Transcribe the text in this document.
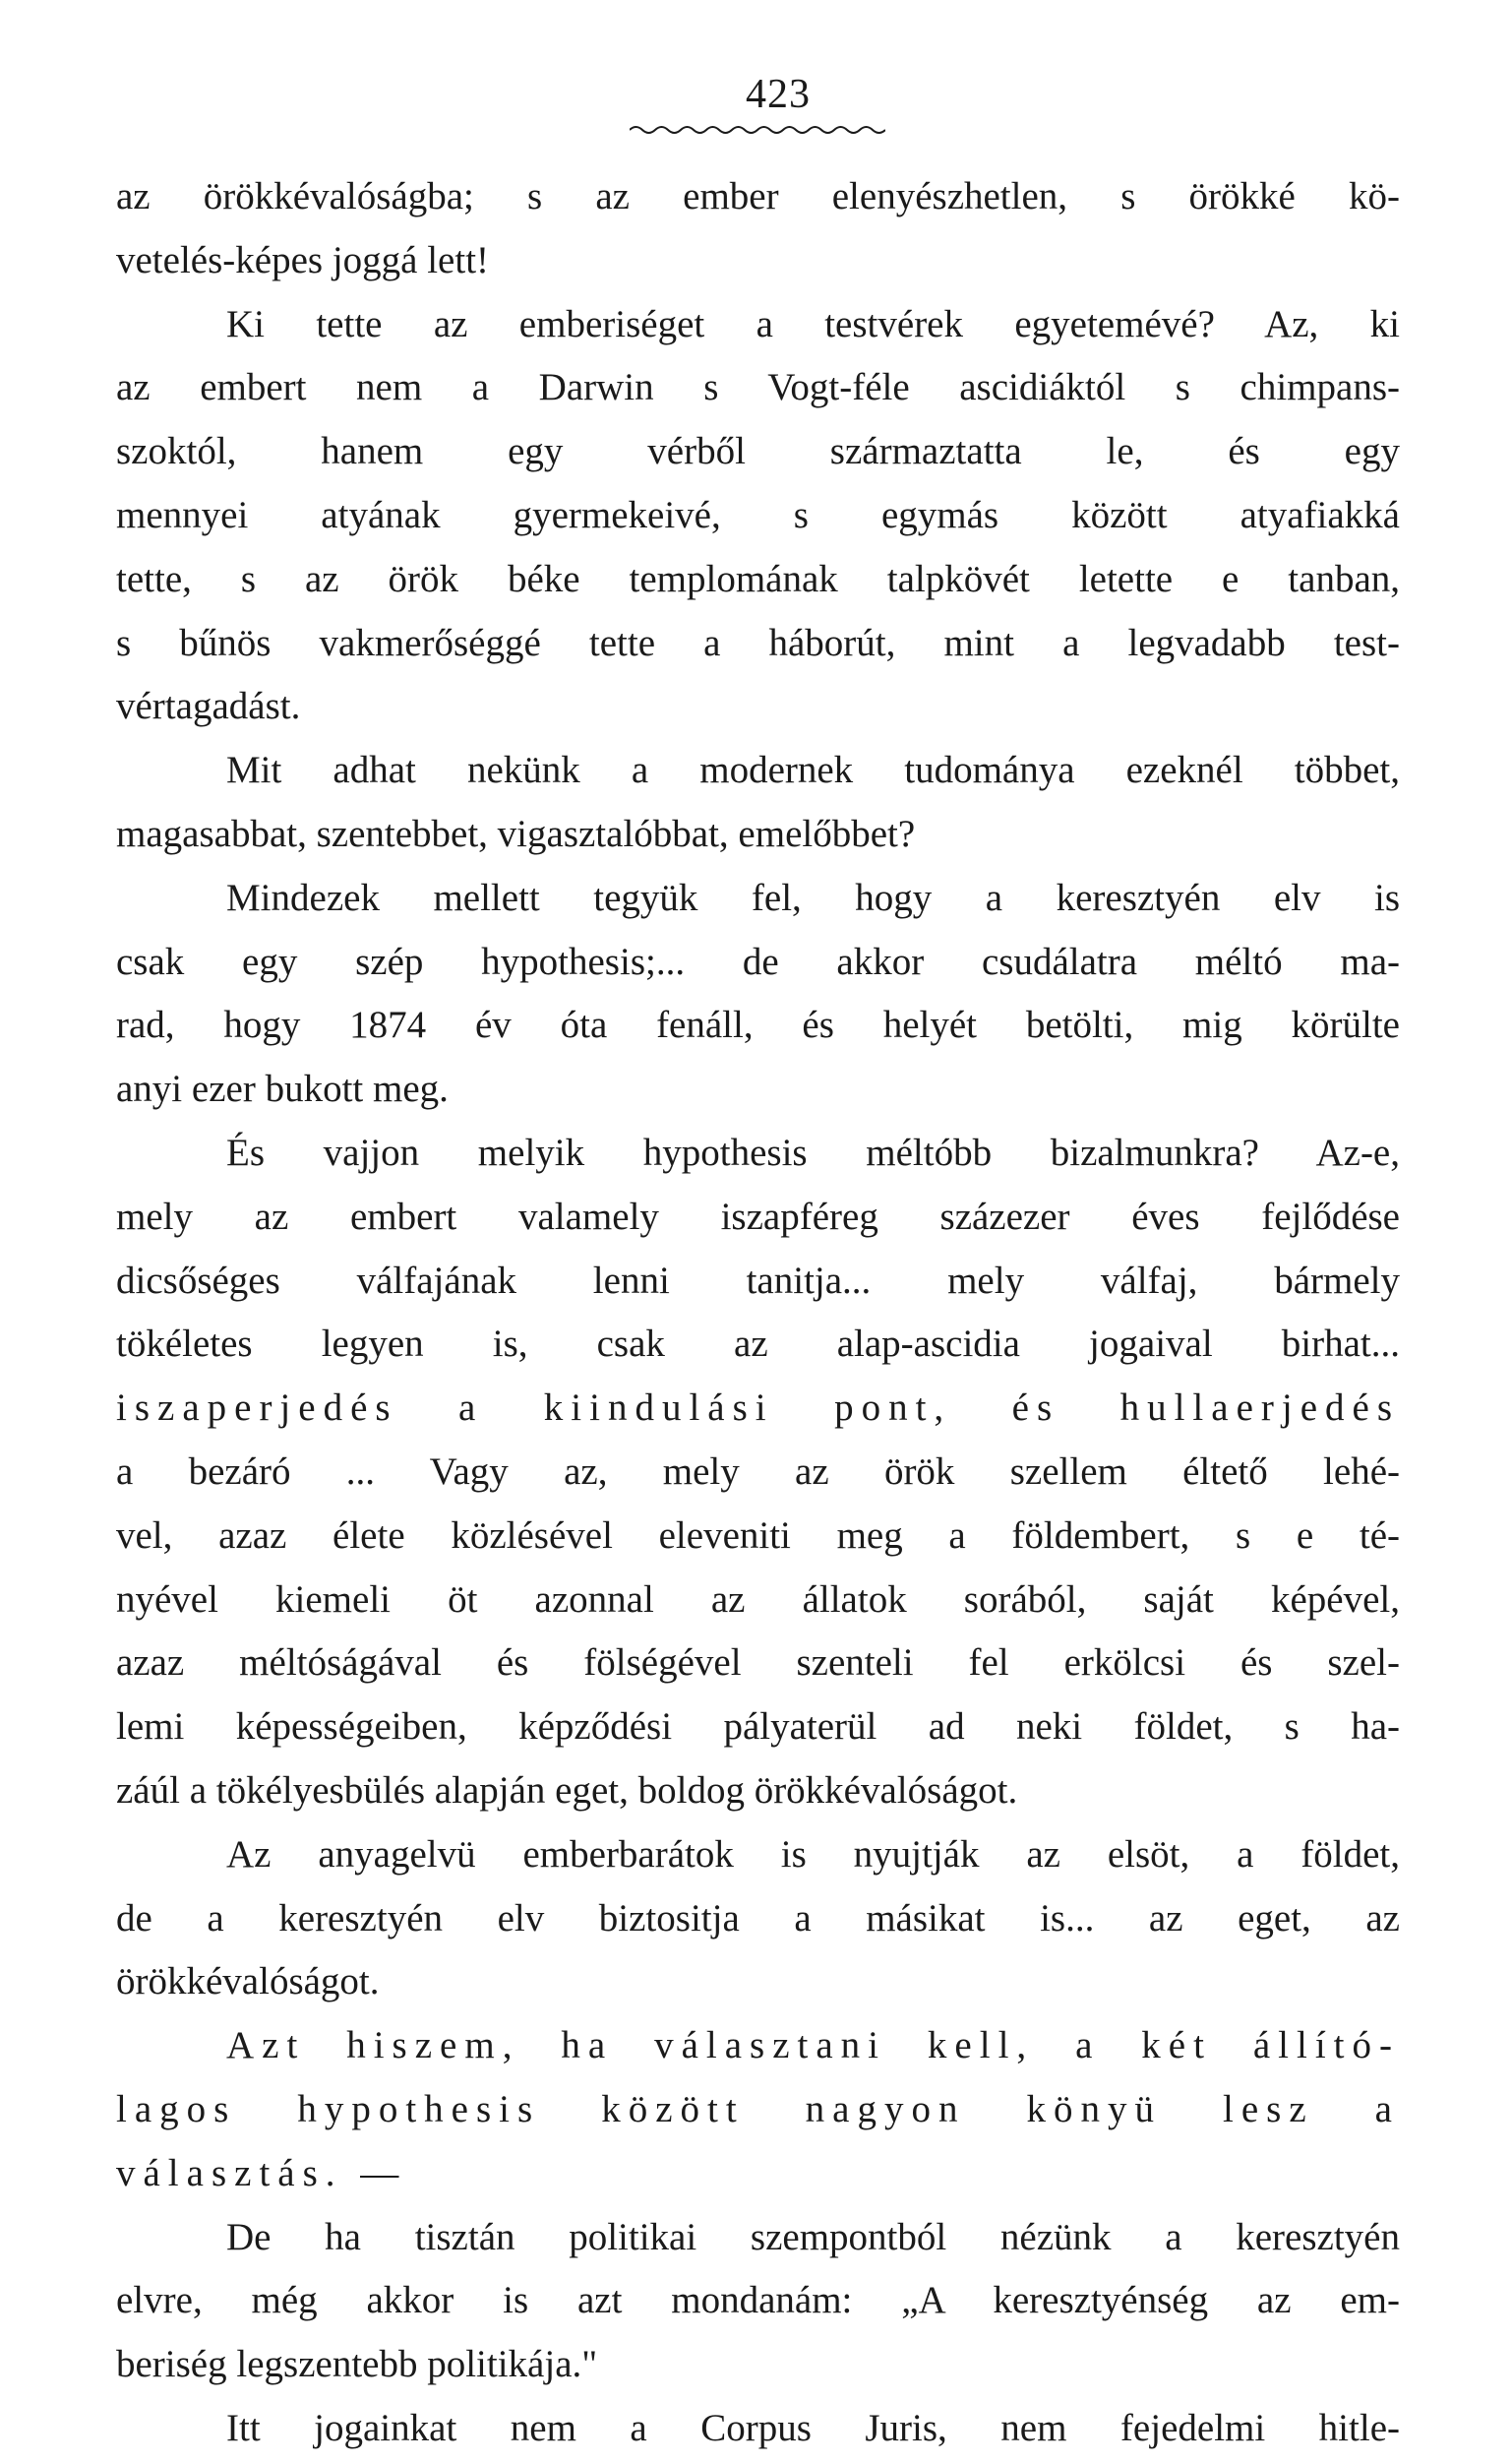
423
az örökkévalóságba; s az ember elenyészhetlen, s örökké kö-
vetelés-képes joggá lett!
Ki tette az emberiséget a testvérek egyetemévé? Az, ki
az embert nem a Darwin s Vogt-féle ascidiáktól s chimpans-
szoktól, hanem egy vérből származtatta le, és egy
mennyei atyának gyermekeivé, s egymás között atyafiakká
tette, s az örök béke templomának talpkövét letette e tanban,
s bűnös vakmerőséggé tette a háborút, mint a legvadabb test-
vértagadást.
Mit adhat nekünk a modernek tudománya ezeknél többet,
magasabbat, szentebbet, vigasztalóbbat, emelőbbet?
Mindezek mellett tegyük fel, hogy a keresztyén elv is
csak egy szép hypothesis;... de akkor csudálatra méltó ma-
rad, hogy 1874 év óta fenáll, és helyét betölti, mig körülte
anyi ezer bukott meg.
És vajjon melyik hypothesis méltóbb bizalmunkra? Az-e,
mely az embert valamely iszapféreg százezer éves fejlődése
dicsőséges válfajának lenni tanitja... mely válfaj, bármely
tökéletes legyen is, csak az alap-ascidia jogaival birhat...
iszaperjedés a kiindulási pont, és hullaerjedés
a bezáró ... Vagy az, mely az örök szellem éltető lehé-
vel, azaz élete közlésével eleveniti meg a földembert, s e té-
nyével kiemeli öt azonnal az állatok sorából, saját képével,
azaz méltóságával és fölségével szenteli fel erkölcsi és szel-
lemi képességeiben, képződési pályaterül ad neki földet, s ha-
záúl a tökélyesbülés alapján eget, boldog örökkévalóságot.
Az anyagelvü emberbarátok is nyujtják az elsöt, a földet,
de a keresztyén elv biztositja a másikat is... az eget, az
örökkévalóságot.
Azt hiszem, ha választani kell, a két állító-
lagos hypothesis között nagyon könyü lesz a
választás. —
De ha tisztán politikai szempontból nézünk a keresztyén
elvre, még akkor is azt mondanám: „A keresztyénség az em-
beriség legszentebb politikája."
Itt jogainkat nem a Corpus Juris, nem fejedelmi hitle-
